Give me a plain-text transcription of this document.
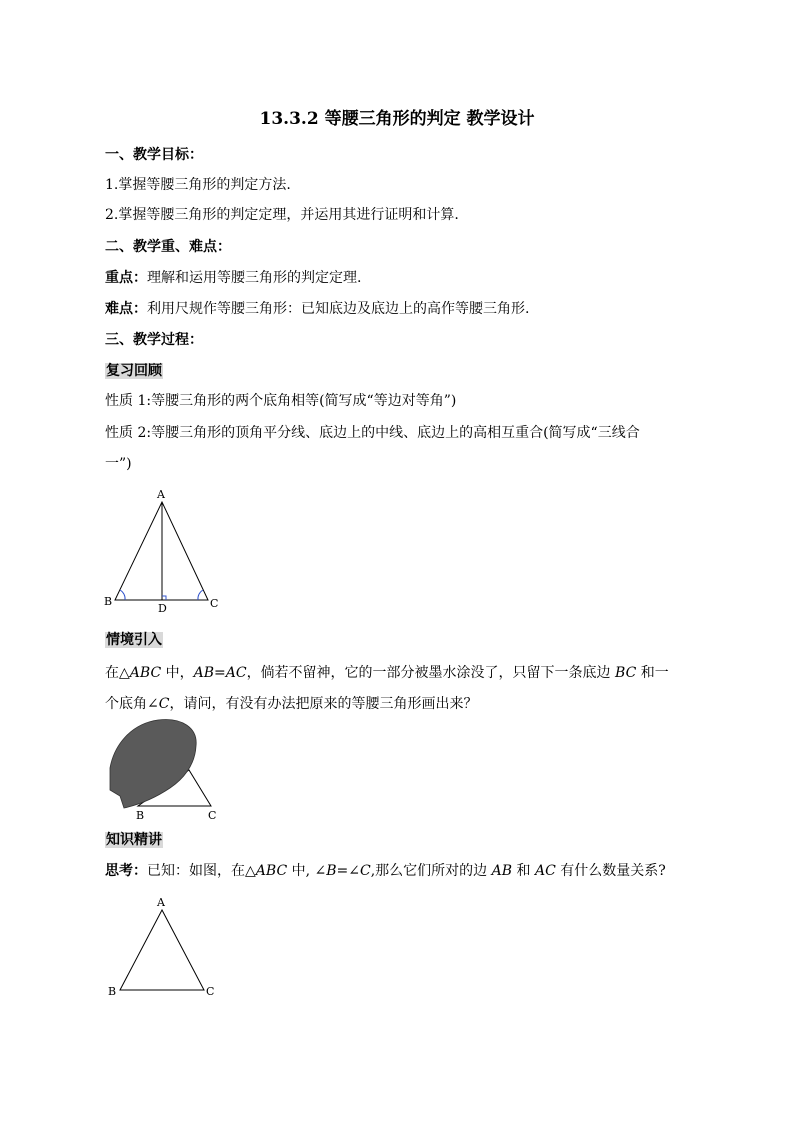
13.3.2 等腰三角形的判定 教学设计
一、教学目标：
1.掌握等腰三角形的判定方法.
2.掌握等腰三角形的判定定理，并运用其进行证明和计算.
二、教学重、难点：
重点：理解和运用等腰三角形的判定定理.
难点：利用尺规作等腰三角形：已知底边及底边上的高作等腰三角形.
三、教学过程：
复习回顾
性质 1:等腰三角形的两个底角相等(简写成“等边对等角”)
性质 2:等腰三角形的顶角平分线、底边上的中线、底边上的高相互重合(简写成“三线合
一”)
A
B	C
D
情境引入
在△ABC 中，AB=AC，倘若不留神，它的一部分被墨水涂没了，只留下一条底边 BC 和一
个底角∠C，请问，有没有办法把原来的等腰三角形画出来？
B	C
知识精讲
思考：已知：如图，在△ABC 中, ∠B=∠C,那么它们所对的边 AB 和 AC 有什么数量关系?
A
B	C
